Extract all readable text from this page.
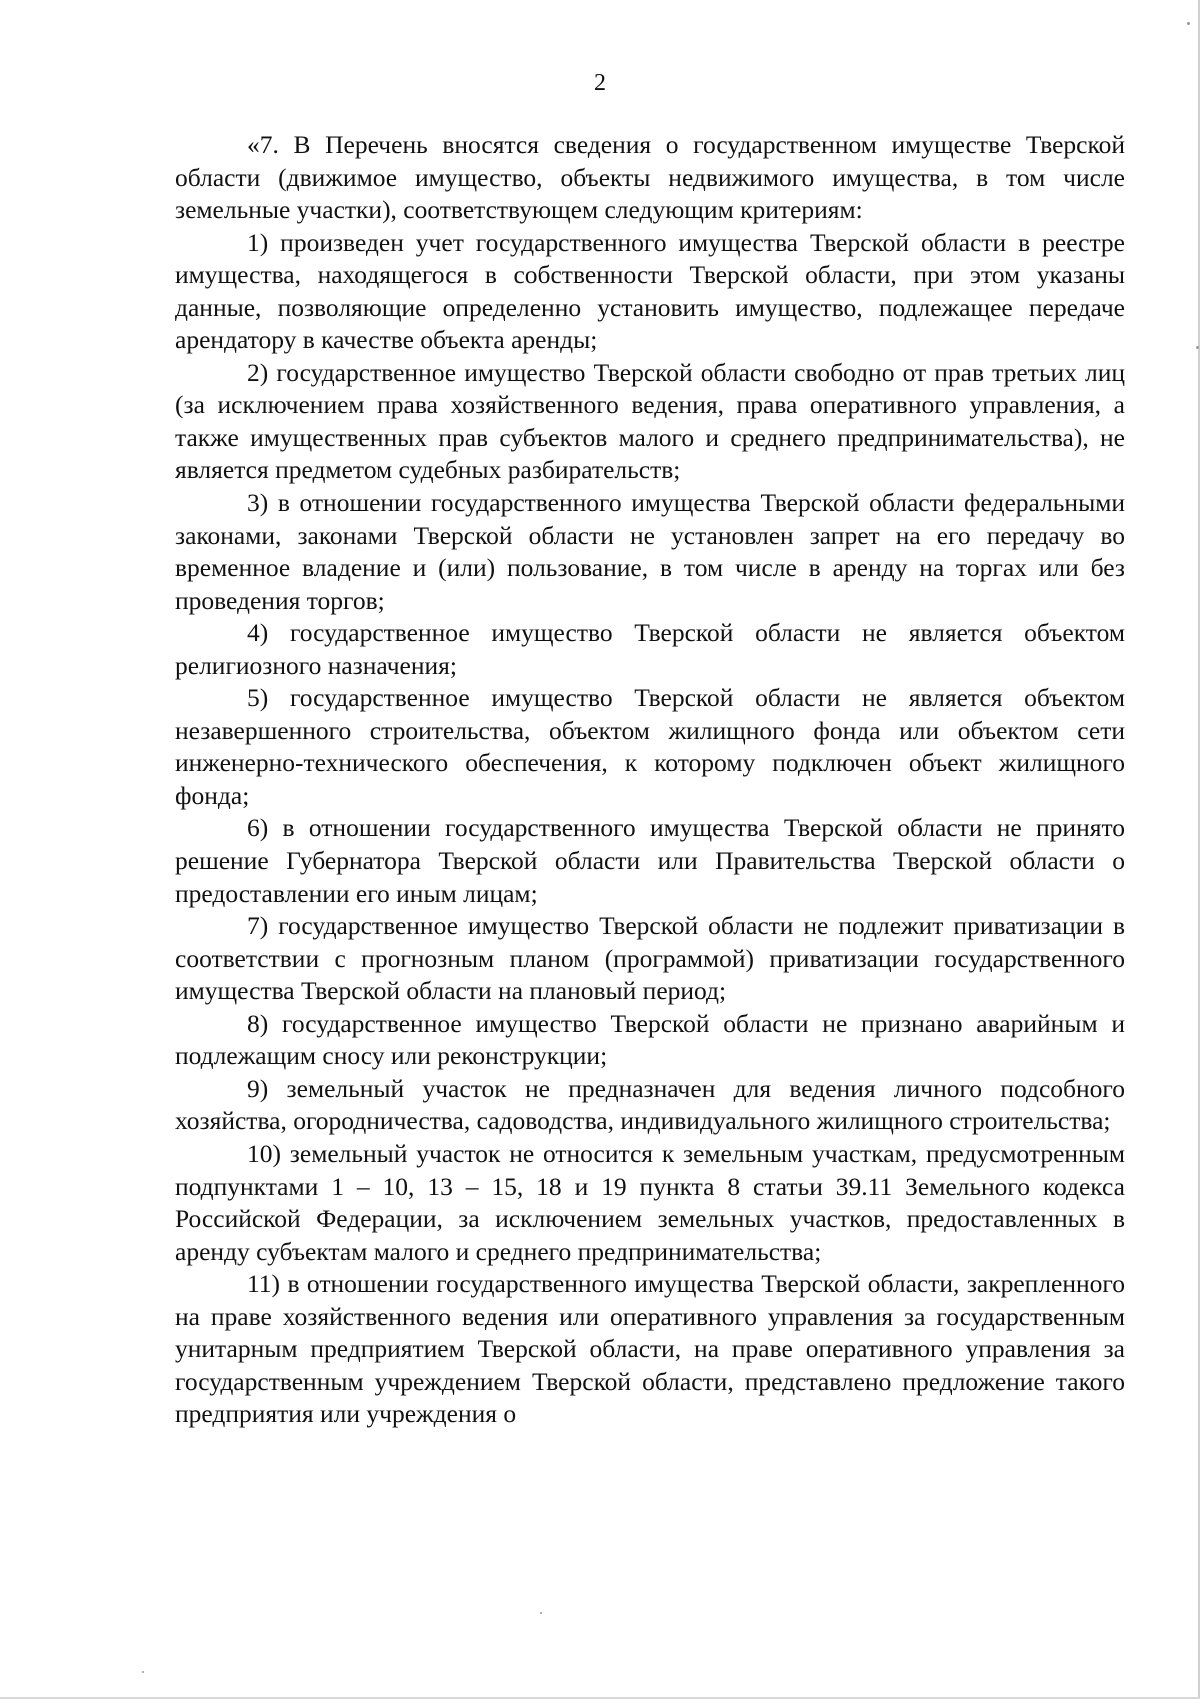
2

«7. В Перечень вносятся сведения о государственном имуществе Тверской области (движимое имущество, объекты недвижимого имущества, в том числе земельные участки), соответствующем следующим критериям:

1) произведен учет государственного имущества Тверской области в реестре имущества, находящегося в собственности Тверской области, при этом указаны данные, позволяющие определенно установить имущество, подлежащее передаче арендатору в качестве объекта аренды;

2) государственное имущество Тверской области свободно от прав третьих лиц (за исключением права хозяйственного ведения, права оперативного управления, а также имущественных прав субъектов малого и среднего предпринимательства), не является предметом судебных разбирательств;

3) в отношении государственного имущества Тверской области федеральными законами, законами Тверской области не установлен запрет на его передачу во временное владение и (или) пользование, в том числе в аренду на торгах или без проведения торгов;

4) государственное имущество Тверской области не является объектом религиозного назначения;

5) государственное имущество Тверской области не является объектом незавершенного строительства, объектом жилищного фонда или объектом сети инженерно-технического обеспечения, к которому подключен объект жилищного фонда;

6) в отношении государственного имущества Тверской области не принято решение Губернатора Тверской области или Правительства Тверской области о предоставлении его иным лицам;

7) государственное имущество Тверской области не подлежит приватизации в соответствии с прогнозным планом (программой) приватизации государственного имущества Тверской области на плановый период;

8) государственное имущество Тверской области не признано аварийным и подлежащим сносу или реконструкции;

9) земельный участок не предназначен для ведения личного подсобного хозяйства, огородничества, садоводства, индивидуального жилищного строительства;

10) земельный участок не относится к земельным участкам, предусмотренным подпунктами 1 – 10, 13 – 15, 18 и 19 пункта 8 статьи 39.11 Земельного кодекса Российской Федерации, за исключением земельных участков, предоставленных в аренду субъектам малого и среднего предпринимательства;

11) в отношении государственного имущества Тверской области, закрепленного на праве хозяйственного ведения или оперативного управления за государственным унитарным предприятием Тверской области, на праве оперативного управления за государственным учреждением Тверской области, представлено предложение такого предприятия или учреждения о
